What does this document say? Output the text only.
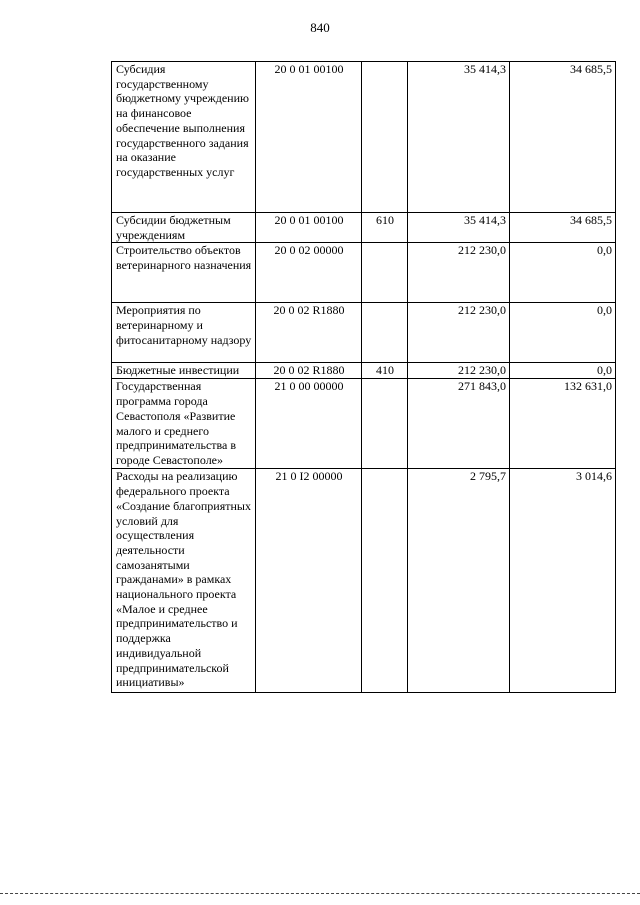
840
Субсидия государственному бюджетному учреждению на финансовое обеспечение выполнения государственного задания на оказание государственных услуг	20 0 01 00100		35 414,3	34 685,5

Субсидии бюджетным учреждениям	20 0 01 00100	610	35 414,3	34 685,5

Строительство объектов ветеринарного назначения	20 0 02 00000		212 230,0	0,0

Мероприятия по ветеринарному и фитосанитарному надзору	20 0 02 R1880		212 230,0	0,0

Бюджетные инвестиции	20 0 02 R1880	410	212 230,0	0,0

Государственная программа города Севастополя «Развитие малого и среднего предпринимательства в городе Севастополе»	21 0 00 00000		271 843,0	132 631,0

Расходы на реализацию федерального проекта «Создание благоприятных условий для осуществления деятельности самозанятыми гражданами» в рамках национального проекта «Малое и среднее предпринимательство и поддержка индивидуальной предпринимательской инициативы»	21 0 I2 00000		2 795,7	3 014,6
